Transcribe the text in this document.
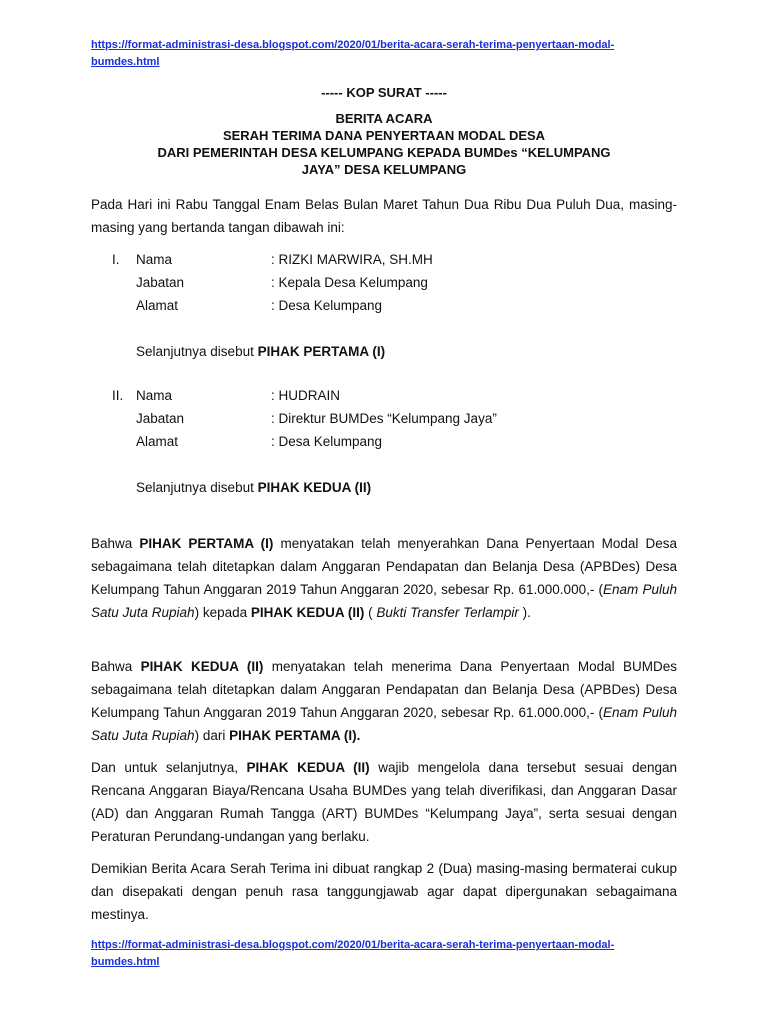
https://format-administrasi-desa.blogspot.com/2020/01/berita-acara-serah-terima-penyertaan-modal-
bumdes.html
----- KOP SURAT -----
BERITA ACARA
SERAH TERIMA DANA PENYERTAAN MODAL DESA
DARI PEMERINTAH DESA KELUMPANG KEPADA BUMDes “KELUMPANG
JAYA” DESA KELUMPANG
Pada Hari ini Rabu Tanggal Enam Belas Bulan Maret Tahun Dua Ribu Dua Puluh Dua, masing-masing yang bertanda tangan dibawah ini:
I. Nama	: RIZKI MARWIRA, SH.MH
Jabatan	: Kepala Desa Kelumpang
Alamat	: Desa Kelumpang
Selanjutnya disebut PIHAK PERTAMA (I)
II. Nama	: HUDRAIN
Jabatan	: Direktur BUMDes “Kelumpang Jaya”
Alamat	: Desa Kelumpang
Selanjutnya disebut PIHAK KEDUA (II)
Bahwa PIHAK PERTAMA (I) menyatakan telah menyerahkan Dana Penyertaan Modal Desa sebagaimana telah ditetapkan dalam Anggaran Pendapatan dan Belanja Desa (APBDes) Desa Kelumpang Tahun Anggaran 2019 Tahun Anggaran 2020, sebesar Rp. 61.000.000,- (Enam Puluh Satu Juta Rupiah) kepada PIHAK KEDUA (II) ( Bukti Transfer Terlampir ).
Bahwa PIHAK KEDUA (II) menyatakan telah menerima Dana Penyertaan Modal BUMDes sebagaimana telah ditetapkan dalam Anggaran Pendapatan dan Belanja Desa (APBDes) Desa Kelumpang Tahun Anggaran 2019 Tahun Anggaran 2020, sebesar Rp. 61.000.000,- (Enam Puluh Satu Juta Rupiah) dari PIHAK PERTAMA (I).
Dan untuk selanjutnya, PIHAK KEDUA (II) wajib mengelola dana tersebut sesuai dengan Rencana Anggaran Biaya/Rencana Usaha BUMDes yang telah diverifikasi, dan Anggaran Dasar (AD) dan Anggaran Rumah Tangga (ART) BUMDes “Kelumpang Jaya”, serta sesuai dengan Peraturan Perundang-undangan yang berlaku.
Demikian Berita Acara Serah Terima ini dibuat rangkap 2 (Dua) masing-masing bermaterai cukup dan disepakati dengan penuh rasa tanggungjawab agar dapat dipergunakan sebagaimana mestinya.
https://format-administrasi-desa.blogspot.com/2020/01/berita-acara-serah-terima-penyertaan-modal-
bumdes.html
